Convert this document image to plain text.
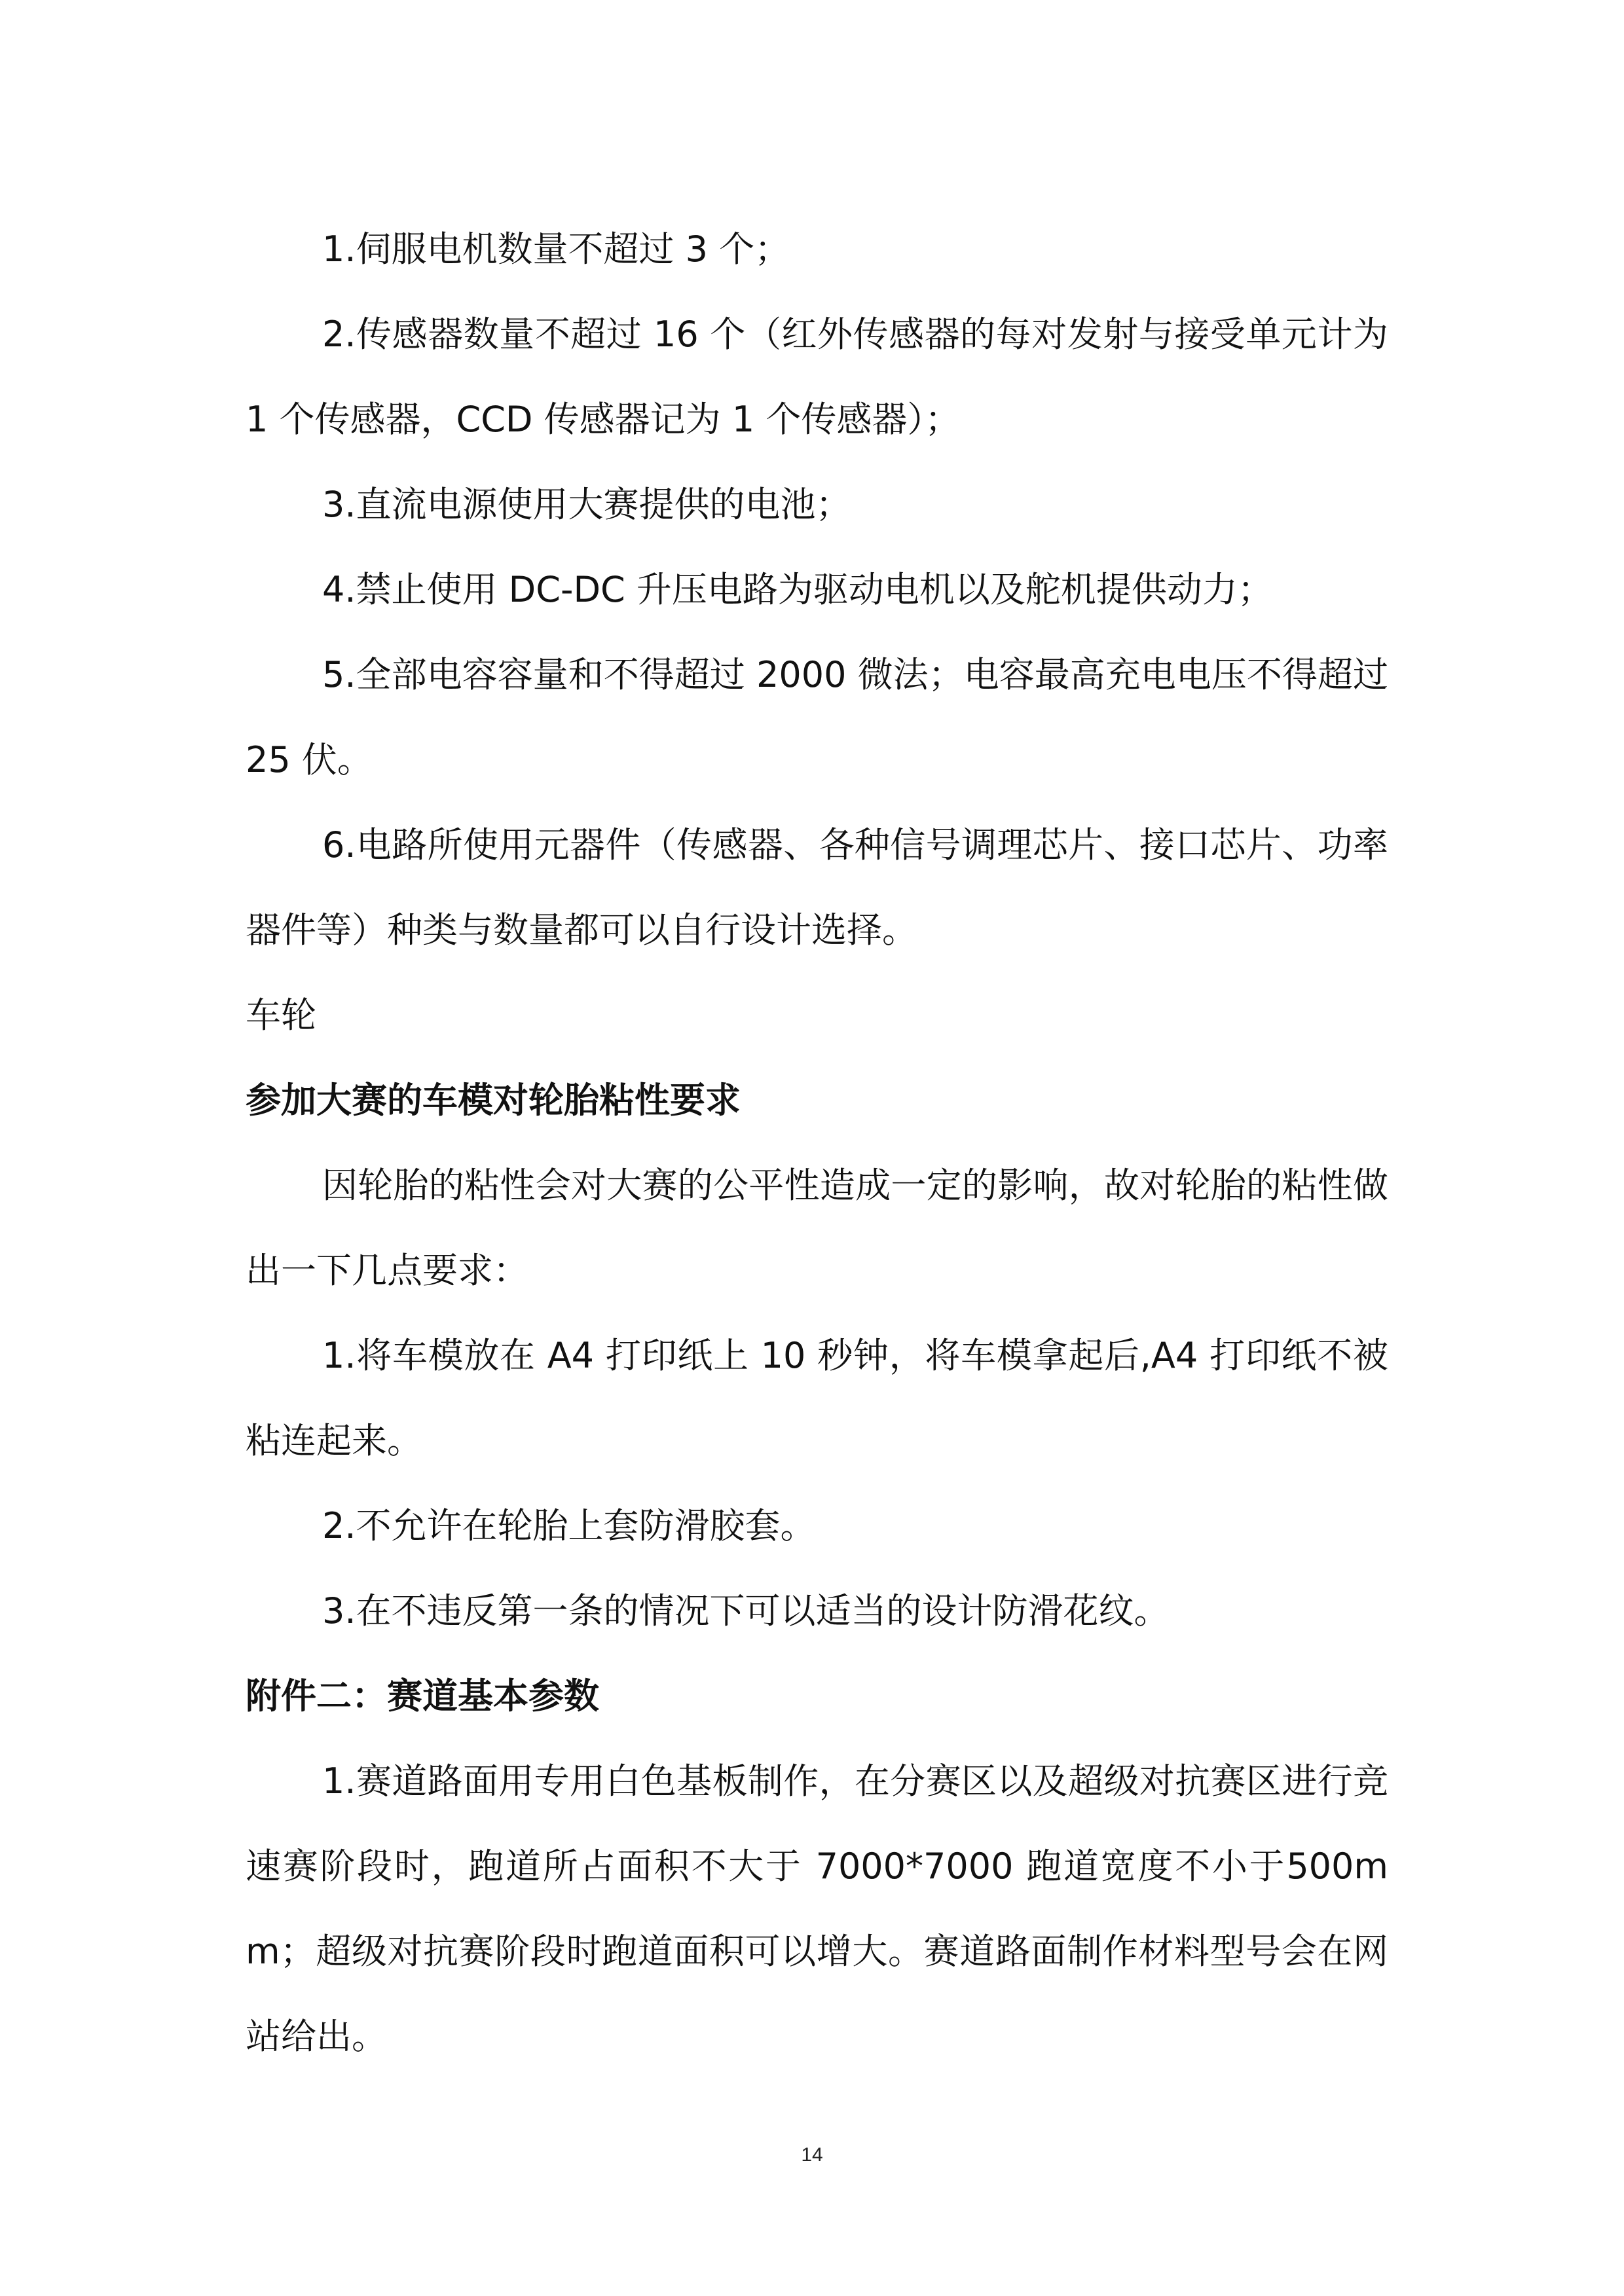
1.伺服电机数量不超过 3 个；

2.传感器数量不超过 16 个（红外传感器的每对发射与接受单元计为 1 个传感器，CCD 传感器记为 1 个传感器）；

3.直流电源使用大赛提供的电池；

4.禁止使用 DC-DC 升压电路为驱动电机以及舵机提供动力；

5.全部电容容量和不得超过 2000 微法；电容最高充电电压不得超过 25 伏。

6.电路所使用元器件（传感器、各种信号调理芯片、接口芯片、功率器件等）种类与数量都可以自行设计选择。

车轮

参加大赛的车模对轮胎粘性要求

因轮胎的粘性会对大赛的公平性造成一定的影响，故对轮胎的粘性做出一下几点要求：

1.将车模放在 A4 打印纸上 10 秒钟，将车模拿起后,A4 打印纸不被粘连起来。

2.不允许在轮胎上套防滑胶套。

3.在不违反第一条的情况下可以适当的设计防滑花纹。

附件二：赛道基本参数

1.赛道路面用专用白色基板制作，在分赛区以及超级对抗赛区进行竞速赛阶段时，跑道所占面积不大于 7000*7000 跑道宽度不小于500mm；超级对抗赛阶段时跑道面积可以增大。赛道路面制作材料型号会在网站给出。

14
